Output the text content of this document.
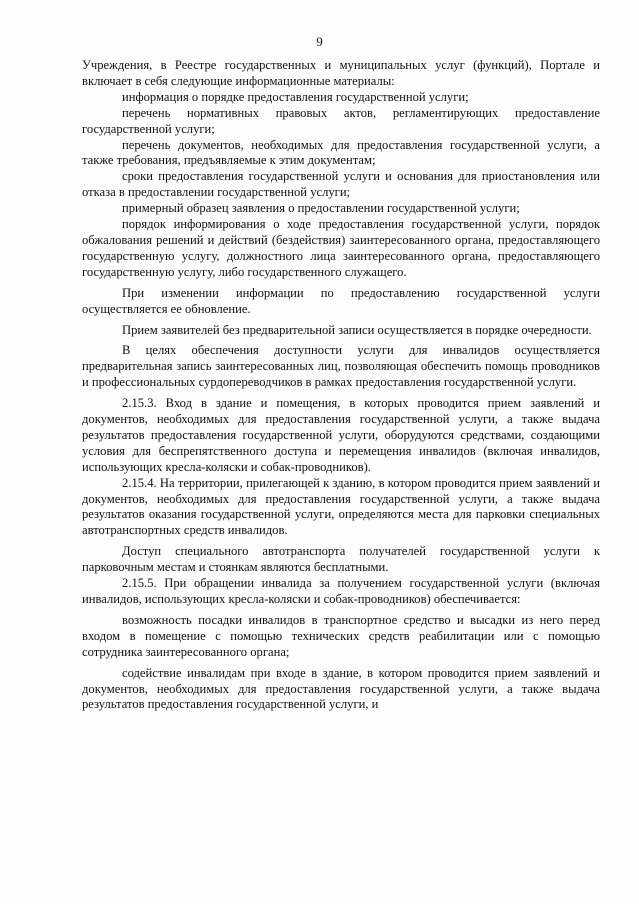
9

Учреждения, в Реестре государственных и муниципальных услуг (функций), Портале и включает в себя следующие информационные материалы:

информация о порядке предоставления государственной услуги;

перечень нормативных правовых актов, регламентирующих предоставление государственной услуги;

перечень документов, необходимых для предоставления государственной услуги, а также требования, предъявляемые к этим документам;

сроки предоставления государственной услуги и основания для приостановления или отказа в предоставлении государственной услуги;

примерный образец заявления о предоставлении государственной услуги;

порядок информирования о ходе предоставления государственной услуги, порядок обжалования решений и действий (бездействия) заинтересованного органа, предоставляющего государственную услугу, должностного лица заинтересованного органа, предоставляющего государственную услугу, либо государственного служащего.

При изменении информации по предоставлению государственной услуги осуществляется ее обновление.

Прием заявителей без предварительной записи осуществляется в порядке очередности.

В целях обеспечения доступности услуги для инвалидов осуществляется предварительная запись заинтересованных лиц, позволяющая обеспечить помощь проводников и профессиональных сурдопереводчиков в рамках предоставления государственной услуги.

2.15.3. Вход в здание и помещения, в которых проводится прием заявлений и документов, необходимых для предоставления государственной услуги, а также выдача результатов предоставления государственной услуги, оборудуются средствами, создающими условия для беспрепятственного доступа и перемещения инвалидов (включая инвалидов, использующих кресла-коляски и собак-проводников).

2.15.4. На территории, прилегающей к зданию, в котором проводится прием заявлений и документов, необходимых для предоставления государственной услуги, а также выдача результатов оказания государственной услуги, определяются места для парковки специальных автотранспортных средств инвалидов.

Доступ специального автотранспорта получателей государственной услуги к парковочным местам и стоянкам являются бесплатными.

2.15.5. При обращении инвалида за получением государственной услуги (включая инвалидов, использующих кресла-коляски и собак-проводников) обеспечивается:

возможность посадки инвалидов в транспортное средство и высадки из него перед входом в помещение с помощью технических средств реабилитации или с помощью сотрудника заинтересованного органа;

содействие инвалидам при входе в здание, в котором проводится прием заявлений и документов, необходимых для предоставления государственной услуги, а также выдача результатов предоставления государственной услуги, и
